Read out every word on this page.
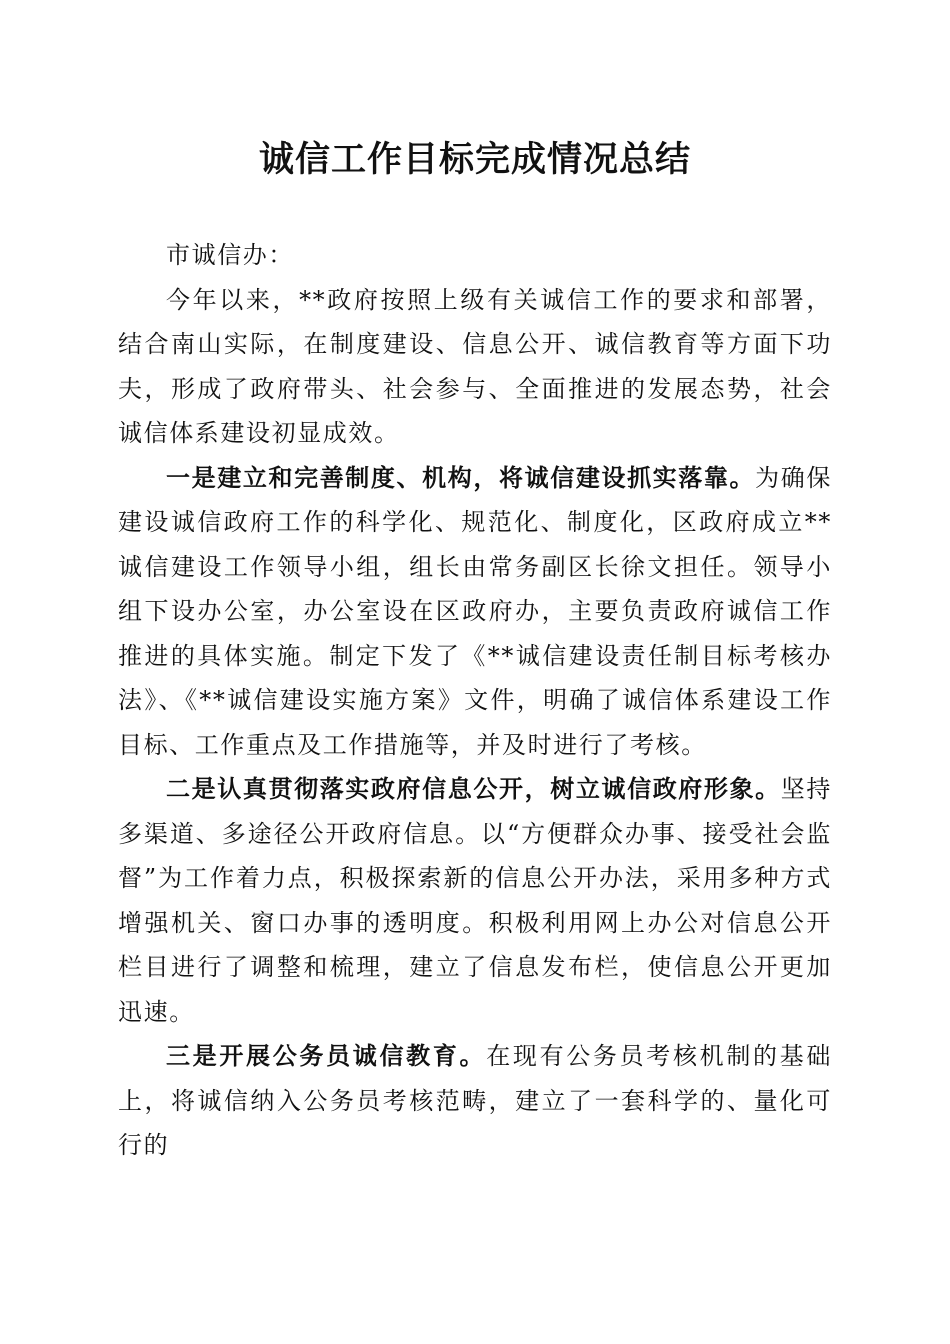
诚信工作目标完成情况总结

市诚信办：

今年以来，**政府按照上级有关诚信工作的要求和部署，结合南山实际，在制度建设、信息公开、诚信教育等方面下功夫，形成了政府带头、社会参与、全面推进的发展态势，社会诚信体系建设初显成效。

一是建立和完善制度、机构，将诚信建设抓实落靠。为确保建设诚信政府工作的科学化、规范化、制度化，区政府成立**诚信建设工作领导小组，组长由常务副区长徐文担任。领导小组下设办公室，办公室设在区政府办，主要负责政府诚信工作推进的具体实施。制定下发了《**诚信建设责任制目标考核办法》、《**诚信建设实施方案》文件，明确了诚信体系建设工作目标、工作重点及工作措施等，并及时进行了考核。

二是认真贯彻落实政府信息公开，树立诚信政府形象。坚持多渠道、多途径公开政府信息。以“方便群众办事、接受社会监督”为工作着力点，积极探索新的信息公开办法，采用多种方式增强机关、窗口办事的透明度。积极利用网上办公对信息公开栏目进行了调整和梳理，建立了信息发布栏，使信息公开更加迅速。

三是开展公务员诚信教育。在现有公务员考核机制的基础上，将诚信纳入公务员考核范畴，建立了一套科学的、量化可行的
